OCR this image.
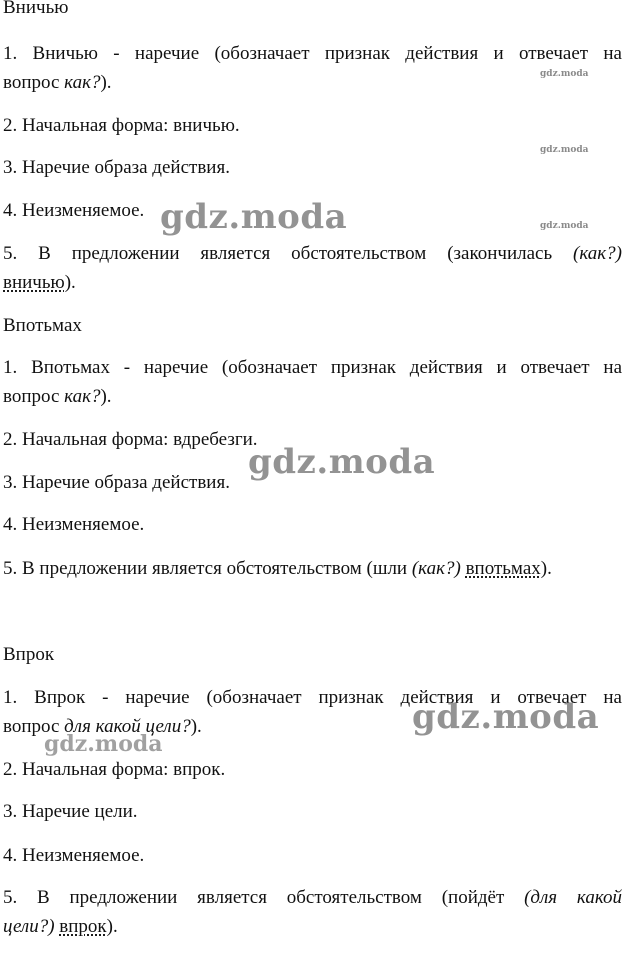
Вничью

1. Вничью - наречие (обозначает признак действия и отвечает на

вопрос как?).

2. Начальная форма: вничью.

3. Наречие образа действия.

4. Неизменяемое.

5. В предложении является обстоятельством (закончилась (как?)

вничью).

Впотьмах

1. Впотьмах - наречие (обозначает признак действия и отвечает на

вопрос как?).

2. Начальная форма: вдребезги.

3. Наречие образа действия.

4. Неизменяемое.

5. В предложении является обстоятельством (шли (как?) впотьмах).

Впрок

1. Впрок - наречие (обозначает признак действия и отвечает на

вопрос для какой цели?).

2. Начальная форма: впрок.

3. Наречие цели.

4. Неизменяемое.

5. В предложении является обстоятельством (пойдёт (для какой

цели?) впрок).

gdz.moda
gdz.moda
gdz.moda
gdz.moda
gdz.moda
gdz.moda
gdz.moda
